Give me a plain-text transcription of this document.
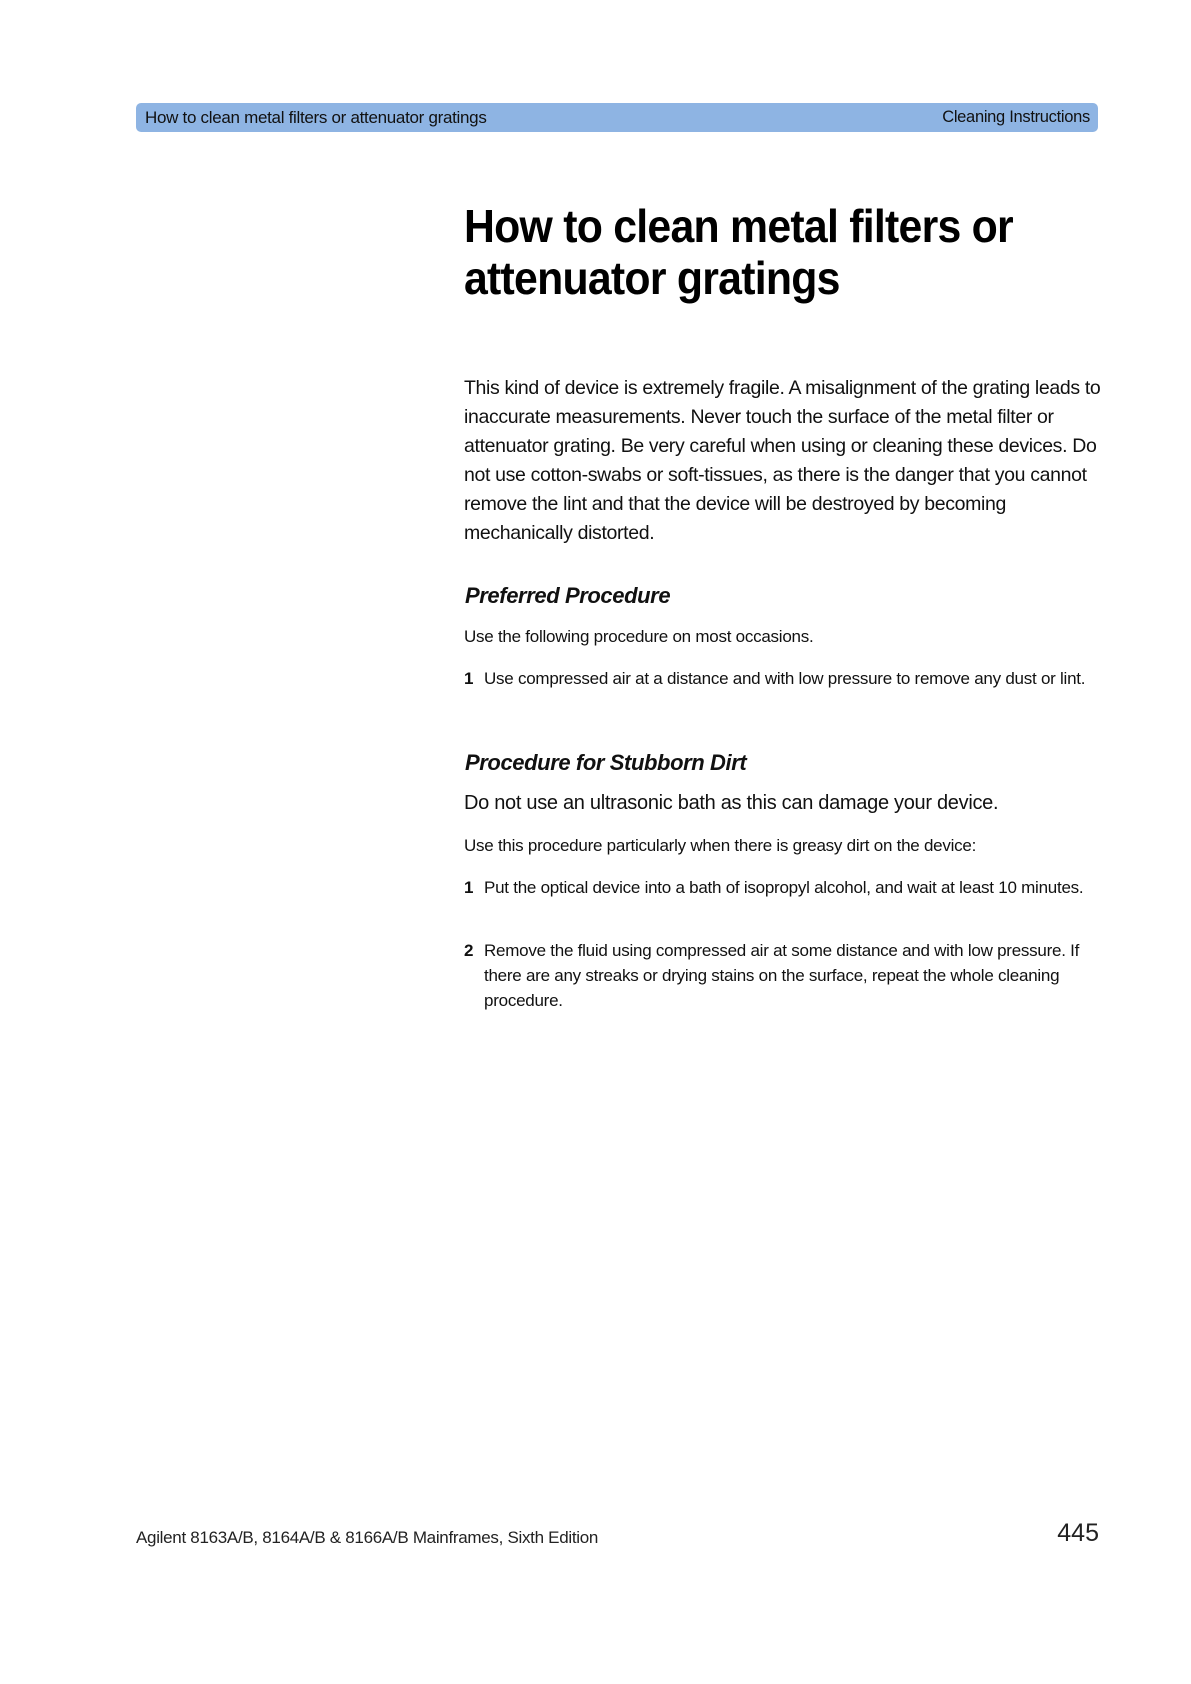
How to clean metal filters or attenuator gratings	Cleaning Instructions
How to clean metal filters or attenuator gratings

This kind of device is extremely fragile. A misalignment of the grating leads to inaccurate measurements. Never touch the surface of the metal filter or attenuator grating. Be very careful when using or cleaning these devices. Do not use cotton-swabs or soft-tissues, as there is the danger that you cannot remove the lint and that the device will be destroyed by becoming mechanically distorted.

Preferred Procedure

Use the following procedure on most occasions.

1 Use compressed air at a distance and with low pressure to remove any dust or lint.
Procedure for Stubborn Dirt

Do not use an ultrasonic bath as this can damage your device.

Use this procedure particularly when there is greasy dirt on the device:

1 Put the optical device into a bath of isopropyl alcohol, and wait at least 10 minutes.
2 Remove the fluid using compressed air at some distance and with low pressure. If there are any streaks or drying stains on the surface, repeat the whole cleaning procedure.
Agilent 8163A/B, 8164A/B & 8166A/B Mainframes, Sixth Edition	445
